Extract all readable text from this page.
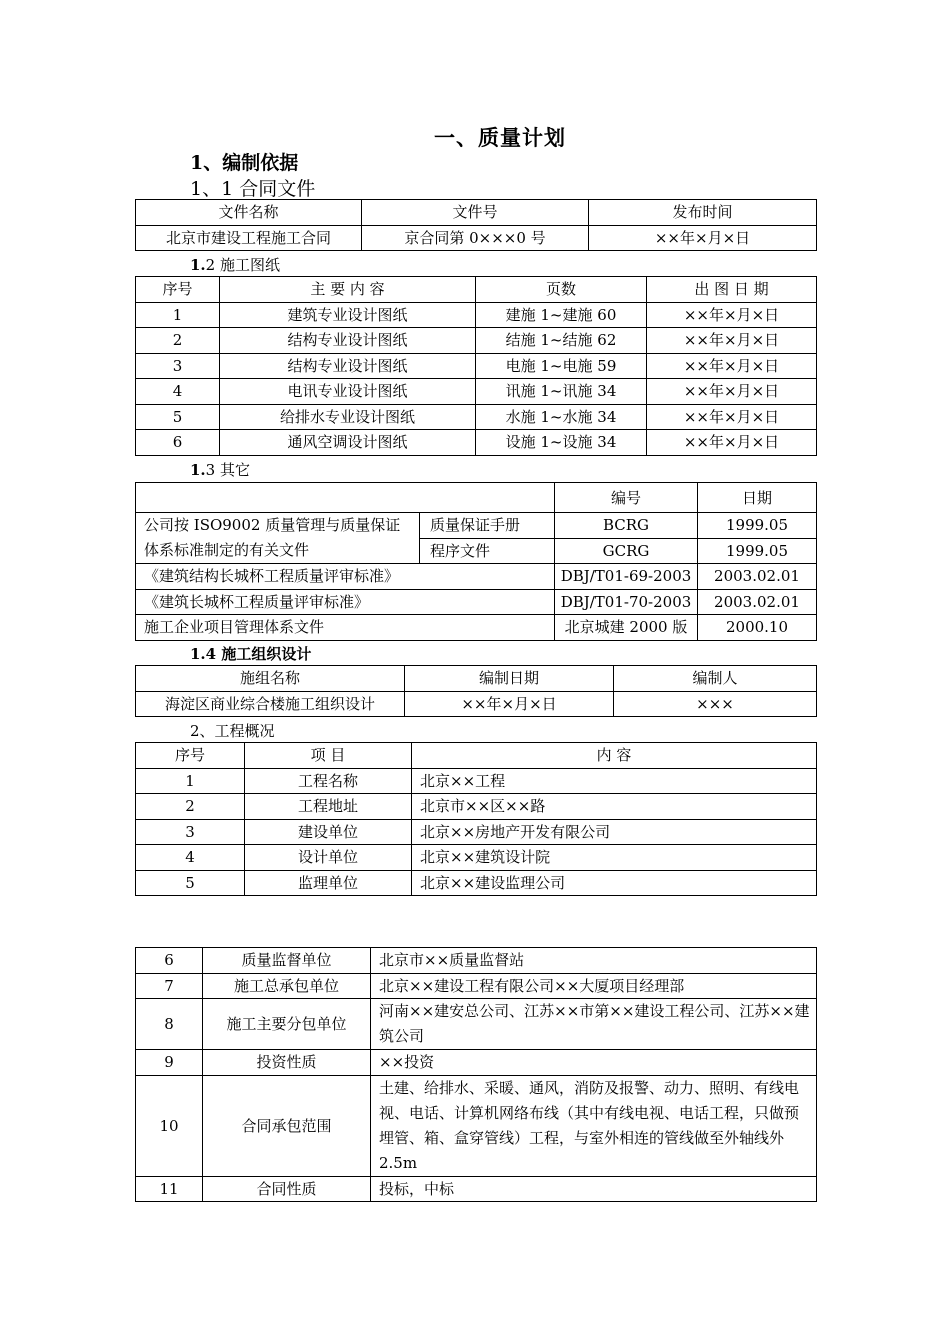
一、质量计划
1、编制依据
1、1 合同文件
文件名称	文件号	发布时间
北京市建设工程施工合同	京合同第 0×××0 号	××年×月×日
1.2 施工图纸
序号	主 要 内 容	页数	出 图 日 期
1	建筑专业设计图纸	建施 1~建施 60	××年×月×日
2	结构专业设计图纸	结施 1~结施 62	××年×月×日
3	结构专业设计图纸	电施 1~电施 59	××年×月×日
4	电讯专业设计图纸	讯施 1~讯施 34	××年×月×日
5	给排水专业设计图纸	水施 1~水施 34	××年×月×日
6	通风空调设计图纸	设施 1~设施 34	××年×月×日
1.3 其它
		编号	日期
公司按 ISO9002 质量管理与质量保证体系标准制定的有关文件	质量保证手册	BCRG	1999.05
	程序文件	GCRG	1999.05
《建筑结构长城杯工程质量评审标准》		DBJ/T01-69-2003	2003.02.01
《建筑长城杯工程质量评审标准》		DBJ/T01-70-2003	2003.02.01
施工企业项目管理体系文件		北京城建 2000 版	2000.10
1.4 施工组织设计
施组名称	编制日期	编制人
海淀区商业综合楼施工组织设计	××年×月×日	×××
2、工程概况
序号	项 目	内 容
1	工程名称	北京××工程
2	工程地址	北京市××区××路
3	建设单位	北京××房地产开发有限公司
4	设计单位	北京××建筑设计院
5	监理单位	北京××建设监理公司
6	质量监督单位	北京市××质量监督站
7	施工总承包单位	北京××建设工程有限公司××大厦项目经理部
8	施工主要分包单位	河南××建安总公司、江苏××市第××建设工程公司、江苏××建筑公司
9	投资性质	××投资
10	合同承包范围	土建、给排水、采暖、通风，消防及报警、动力、照明、有线电视、电话、计算机网络布线（其中有线电视、电话工程，只做预埋管、箱、盒穿管线）工程，与室外相连的管线做至外轴线外 2.5m
11	合同性质	投标，中标
